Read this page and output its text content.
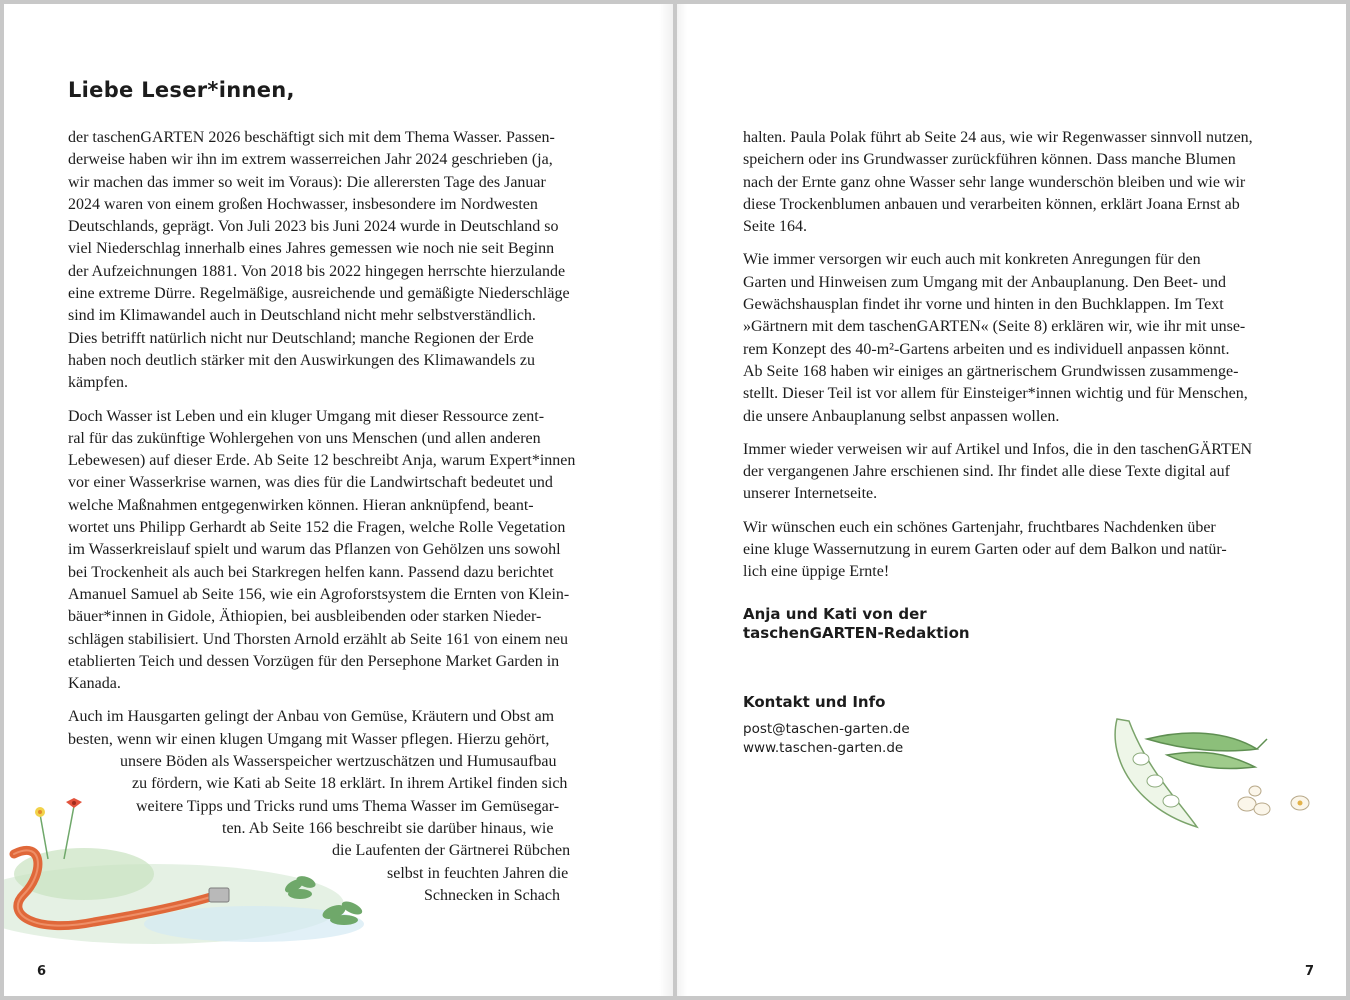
Liebe Leser*innen,

der taschenGARTEN 2026 beschäftigt sich mit dem Thema Wasser. Passen-
derweise haben wir ihn im extrem wasserreichen Jahr 2024 geschrieben (ja,
wir machen das immer so weit im Voraus): Die allerersten Tage des Januar
2024 waren von einem großen Hochwasser, insbesondere im Nordwesten
Deutschlands, geprägt. Von Juli 2023 bis Juni 2024 wurde in Deutschland so
viel Niederschlag innerhalb eines Jahres gemessen wie noch nie seit Beginn
der Aufzeichnungen 1881. Von 2018 bis 2022 hingegen herrschte hierzulande
eine extreme Dürre. Regelmäßige, ausreichende und gemäßigte Niederschläge
sind im Klimawandel auch in Deutschland nicht mehr selbstverständlich.
Dies betrifft natürlich nicht nur Deutschland; manche Regionen der Erde
haben noch deutlich stärker mit den Auswirkungen des Klimawandels zu
kämpfen.

Doch Wasser ist Leben und ein kluger Umgang mit dieser Ressource zent-
ral für das zukünftige Wohlergehen von uns Menschen (und allen anderen
Lebewesen) auf dieser Erde. Ab Seite 12 beschreibt Anja, warum Expert*innen
vor einer Wasserkrise warnen, was dies für die Landwirtschaft bedeutet und
welche Maßnahmen entgegenwirken können. Hieran anknüpfend, beant-
wortet uns Philipp Gerhardt ab Seite 152 die Fragen, welche Rolle Vegetation
im Wasserkreislauf spielt und warum das Pflanzen von Gehölzen uns sowohl
bei Trockenheit als auch bei Starkregen helfen kann. Passend dazu berichtet
Amanuel Samuel ab Seite 156, wie ein Agroforstsystem die Ernten von Klein-
bäuer*innen in Gidole, Äthiopien, bei ausbleibenden oder starken Nieder-
schlägen stabilisiert. Und Thorsten Arnold erzählt ab Seite 161 von einem neu
etablierten Teich und dessen Vorzügen für den Persephone Market Garden in
Kanada.

Auch im Hausgarten gelingt der Anbau von Gemüse, Kräutern und Obst am
besten, wenn wir einen klugen Umgang mit Wasser pflegen. Hierzu gehört,
unsere Böden als Wasserspeicher wertzuschätzen und Humusaufbau
zu fördern, wie Kati ab Seite 18 erklärt. In ihrem Artikel finden sich
weitere Tipps und Tricks rund ums Thema Wasser im Gemüsegar-
ten. Ab Seite 166 beschreibt sie darüber hinaus, wie
die Laufenten der Gärtnerei Rübchen
selbst in feuchten Jahren die
Schnecken in Schach

6

halten. Paula Polak führt ab Seite 24 aus, wie wir Regenwasser sinnvoll nutzen,
speichern oder ins Grundwasser zurückführen können. Dass manche Blumen
nach der Ernte ganz ohne Wasser sehr lange wunderschön bleiben und wie wir
diese Trockenblumen anbauen und verarbeiten können, erklärt Joana Ernst ab
Seite 164.

Wie immer versorgen wir euch auch mit konkreten Anregungen für den
Garten und Hinweisen zum Umgang mit der Anbauplanung. Den Beet- und
Gewächshausplan findet ihr vorne und hinten in den Buchklappen. Im Text
»Gärtnern mit dem taschenGARTEN« (Seite 8) erklären wir, wie ihr mit unse-
rem Konzept des 40-m²-Gartens arbeiten und es individuell anpassen könnt.
Ab Seite 168 haben wir einiges an gärtnerischem Grundwissen zusammenge-
stellt. Dieser Teil ist vor allem für Einsteiger*innen wichtig und für Menschen,
die unsere Anbauplanung selbst anpassen wollen.

Immer wieder verweisen wir auf Artikel und Infos, die in den taschenGÄRTEN
der vergangenen Jahre erschienen sind. Ihr findet alle diese Texte digital auf
unserer Internetseite.

Wir wünschen euch ein schönes Gartenjahr, fruchtbares Nachdenken über
eine kluge Wassernutzung in eurem Garten oder auf dem Balkon und natür-
lich eine üppige Ernte!

Anja und Kati von der
taschenGARTEN-Redaktion
Kontakt und Info
post@taschen-garten.de
www.taschen-garten.de
7
